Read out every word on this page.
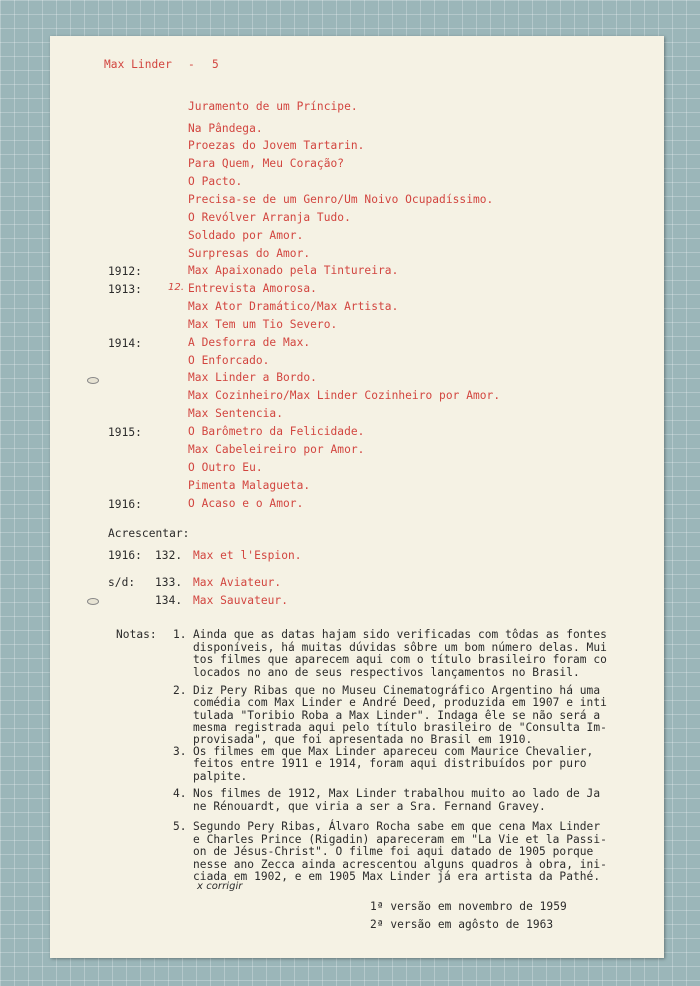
Max Linder - 5
Juramento de um Príncipe.
Na Pândega.
Proezas do Jovem Tartarin.
Para Quem, Meu Coração?
O Pacto.
Precisa-se de um Genro/Um Noivo Ocupadíssimo.
O Revólver Arranja Tudo.
Soldado por Amor.
Surpresas do Amor.
1912:	Max Apaixonado pela Tintureira.
1913:	Entrevista Amorosa.
Max Ator Dramático/Max Artista.
Max Tem um Tio Severo.
1914:	A Desforra de Max.
O Enforcado.
Max Linder a Bordo.
Max Cozinheiro/Max Linder Cozinheiro por Amor.
Max Sentencia.
1915:	O Barômetro da Felicidade.
Max Cabeleireiro por Amor.
O Outro Eu.
Pimenta Malagueta.
1916:	O Acaso e o Amor.
12.
Acrescentar:
1916: 132. Max et l'Espion.
s/d: 133. Max Aviateur.
134. Max Sauvateur.
Notas: 1. Ainda que as datas hajam sido verificadas com tôdas as fontes
disponíveis, há muitas dúvidas sôbre um bom número delas. Mui
tos filmes que aparecem aqui com o título brasileiro foram co
locados no ano de seus respectivos lançamentos no Brasil.
2. Diz Pery Ribas que no Museu Cinematográfico Argentino há uma
comédia com Max Linder e André Deed, produzida em 1907 e inti
tulada "Toribio Roba a Max Linder". Indaga êle se não será a
mesma registrada aqui pelo título brasileiro de "Consulta Im-
provisada", que foi apresentada no Brasil em 1910.
3. Os filmes em que Max Linder apareceu com Maurice Chevalier,
feitos entre 1911 e 1914, foram aqui distribuídos por puro
palpite.
4. Nos filmes de 1912, Max Linder trabalhou muito ao lado de Ja
ne Rénouardt, que viria a ser a Sra. Fernand Gravey.
5. Segundo Pery Ribas, Álvaro Rocha sabe em que cena Max Linder
e Charles Prince (Rigadin) apareceram em "La Vie et la Passi-
on de Jésus-Christ". O filme foi aqui datado de 1905 porque
nesse ano Zecca ainda acrescentou alguns quadros à obra, ini-
ciada em 1902, e em 1905 Max Linder já era artista da Pathé.
x corrigir
1ª versão em novembro de 1959
2ª versão em agôsto de 1963
